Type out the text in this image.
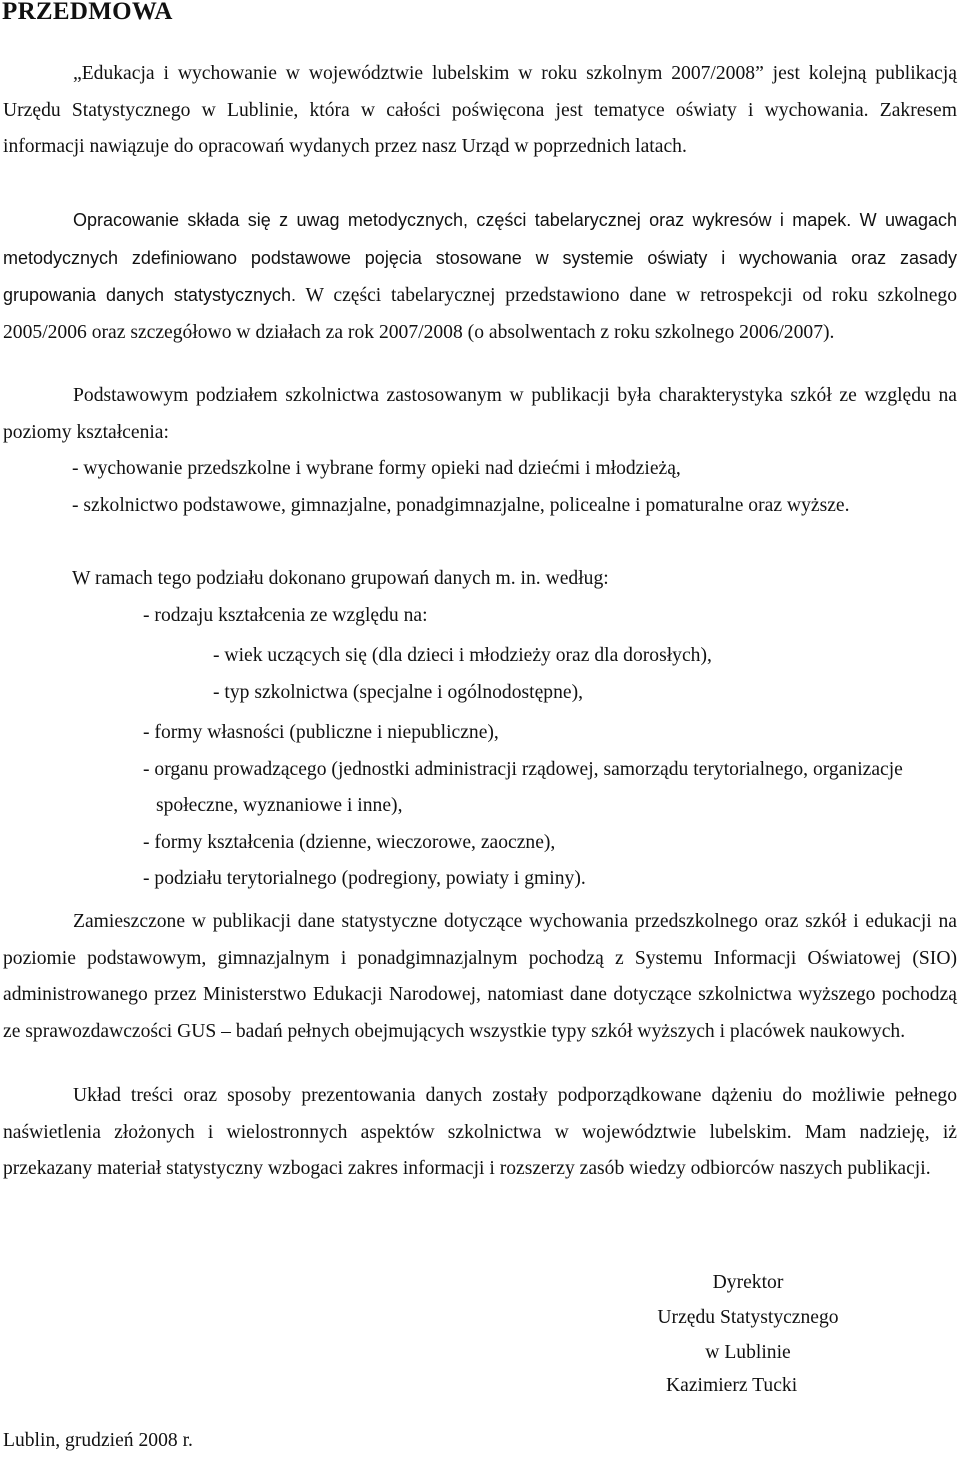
PRZEDMOWA

„Edukacja i wychowanie w województwie lubelskim w roku szkolnym 2007/2008” jest kolejną publikacją Urzędu Statystycznego w Lublinie, która w całości poświęcona jest tematyce oświaty i wychowania. Zakresem informacji nawiązuje do opracowań wydanych przez nasz Urząd w poprzednich latach.

Opracowanie składa się z uwag metodycznych, części tabelarycznej oraz wykresów i mapek. W uwagach metodycznych zdefiniowano podstawowe pojęcia stosowane w systemie oświaty i wychowania oraz zasady grupowania danych statystycznych. W części tabelarycznej przedstawiono dane w retrospekcji od roku szkolnego 2005/2006 oraz szczegółowo w działach za rok 2007/2008 (o absolwentach z roku szkolnego 2006/2007).

Podstawowym podziałem szkolnictwa zastosowanym w publikacji była charakterystyka szkół ze względu na poziomy kształcenia:

- wychowanie przedszkolne i wybrane formy opieki nad dziećmi i młodzieżą,
- szkolnictwo podstawowe, gimnazjalne, ponadgimnazjalne, policealne i pomaturalne oraz wyższe.

W ramach tego podziału dokonano grupowań danych m. in. według:

- rodzaju kształcenia ze względu na:
- wiek uczących się (dla dzieci i młodzieży oraz dla dorosłych),
- typ szkolnictwa (specjalne i ogólnodostępne),
- formy własności (publiczne i niepubliczne),
- organu prowadzącego (jednostki administracji rządowej, samorządu terytorialnego, organizacje społeczne, wyznaniowe i inne),
- formy kształcenia (dzienne, wieczorowe, zaoczne),
- podziału terytorialnego (podregiony, powiaty i gminy).

Zamieszczone w publikacji dane statystyczne dotyczące wychowania przedszkolnego oraz szkół i edukacji na poziomie podstawowym, gimnazjalnym i ponadgimnazjalnym pochodzą z Systemu Informacji Oświatowej (SIO) administrowanego przez Ministerstwo Edukacji Narodowej, natomiast dane dotyczące szkolnictwa wyższego pochodzą ze sprawozdawczości GUS – badań pełnych obejmujących wszystkie typy szkół wyższych i placówek naukowych.

Układ treści oraz sposoby prezentowania danych zostały podporządkowane dążeniu do możliwie pełnego naświetlenia złożonych i wielostronnych aspektów szkolnictwa w województwie lubelskim. Mam nadzieję, iż przekazany materiał statystyczny wzbogaci zakres informacji i rozszerzy zasób wiedzy odbiorców naszych publikacji.

Dyrektor
Urzędu Statystycznego
w Lublinie
Kazimierz Tucki
Lublin, grudzień 2008 r.
